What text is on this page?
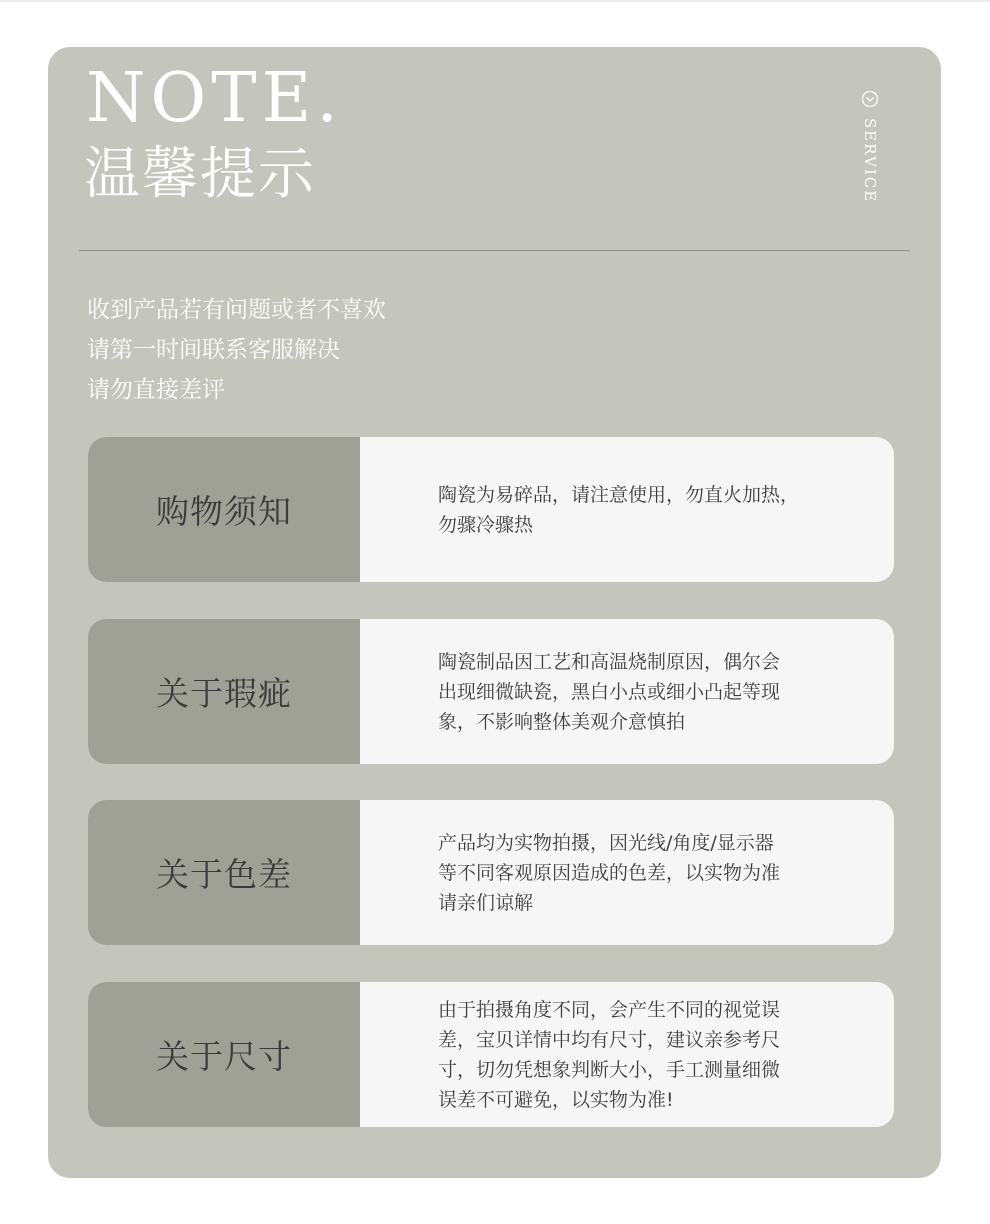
NOTE.
温馨提示	SERVICE
收到产品若有问题或者不喜欢
请第一时间联系客服解决
请勿直接差评
购物须知	陶瓷为易碎品，请注意使用，勿直火加热，
勿骤冷骤热
关于瑕疵
陶瓷制品因工艺和高温烧制原因，偶尔会
出现细微缺瓷，黑白小点或细小凸起等现
象，不影响整体美观介意慎拍
关于色差
产品均为实物拍摄，因光线/角度/显示器
等不同客观原因造成的色差，以实物为准
请亲们谅解
关于尺寸
由于拍摄角度不同，会产生不同的视觉误
差，宝贝详情中均有尺寸，建议亲参考尺
寸，切勿凭想象判断大小，手工测量细微
误差不可避免，以实物为准!
